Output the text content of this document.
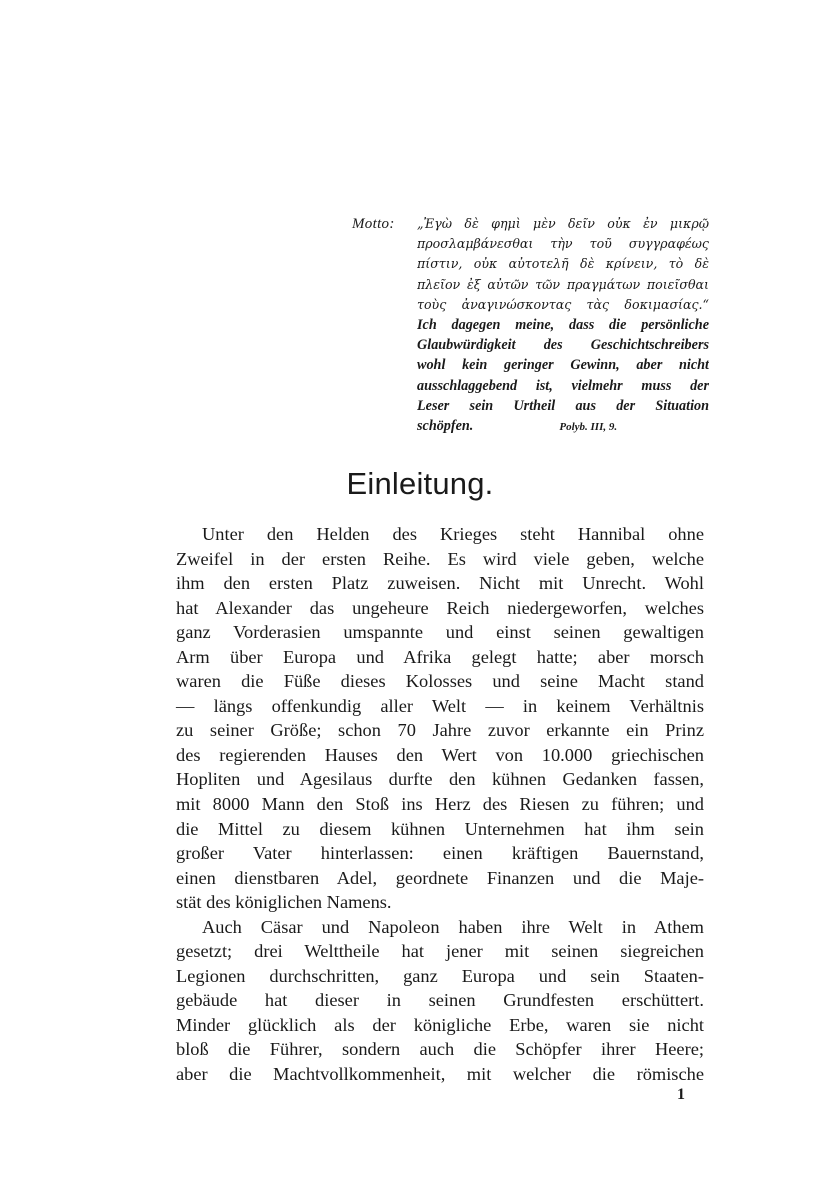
Motto: „Ἐγὼ δὲ φημὶ μὲν δεῖν οὐκ ἐν μικρῷ
προσλαμβάνεσθαι τὴν τοῦ συγγραφέως
πίστιν, οὐκ αὐτοτελῆ δὲ κρίνειν, τὸ δὲ
πλεῖον ἐξ αὐτῶν τῶν πραγμάτων ποιεῖσθαι
τοὺς ἀναγινώσκοντας τὰς δοκιμασίας.“
Ich dagegen meine, dass die persönliche
Glaubwürdigkeit des Geschichtschreibers
wohl kein geringer Gewinn, aber nicht
ausschlaggebend ist, vielmehr muss der
Leser sein Urtheil aus der Situation
schöpfen.	Polyb. III, 9.
Einleitung.
Unter den Helden des Krieges steht Hannibal ohne
Zweifel in der ersten Reihe. Es wird viele geben, welche
ihm den ersten Platz zuweisen. Nicht mit Unrecht. Wohl
hat Alexander das ungeheure Reich niedergeworfen, welches
ganz Vorderasien umspannte und einst seinen gewaltigen
Arm über Europa und Afrika gelegt hatte; aber morsch
waren die Füße dieses Kolosses und seine Macht stand
— längs offenkundig aller Welt — in keinem Verhältnis
zu seiner Größe; schon 70 Jahre zuvor erkannte ein Prinz
des regierenden Hauses den Wert von 10.000 griechischen
Hopliten und Agesilaus durfte den kühnen Gedanken fassen,
mit 8000 Mann den Stoß ins Herz des Riesen zu führen; und
die Mittel zu diesem kühnen Unternehmen hat ihm sein
großer Vater hinterlassen: einen kräftigen Bauernstand,
einen dienstbaren Adel, geordnete Finanzen und die Maje-
stät des königlichen Namens.
Auch Cäsar und Napoleon haben ihre Welt in Athem
gesetzt; drei Welttheile hat jener mit seinen siegreichen
Legionen durchschritten, ganz Europa und sein Staaten-
gebäude hat dieser in seinen Grundfesten erschüttert.
Minder glücklich als der königliche Erbe, waren sie nicht
bloß die Führer, sondern auch die Schöpfer ihrer Heere;
aber die Machtvollkommenheit, mit welcher die römische
1
